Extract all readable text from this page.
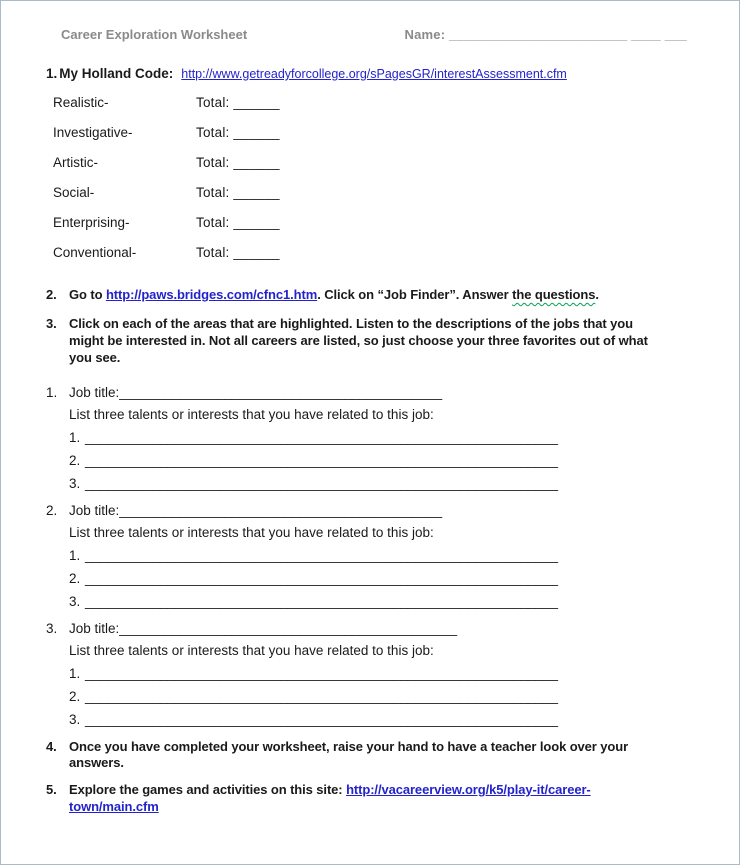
Career Exploration Worksheet	Name: ________________________ ____ ___
1. My Holland Code: http://www.getreadyforcollege.org/sPagesGR/interestAssessment.cfm
Realistic-	Total: ______
Investigative-	Total: ______
Artistic-	Total: ______
Social-	Total: ______
Enterprising-	Total: ______
Conventional-	Total: ______
2. Go to http://paws.bridges.com/cfnc1.htm. Click on “Job Finder”. Answer the questions.
3. Click on each of the areas that are highlighted. Listen to the descriptions of the jobs that you might be interested in. Not all careers are listed, so just choose your three favorites out of what you see.
1. Job title: ___________________________________________
List three talents or interests that you have related to this job:
1. _______________________________________________________________
2. _______________________________________________________________
3. _______________________________________________________________
2. Job title: ___________________________________________
List three talents or interests that you have related to this job:
1. _______________________________________________________________
2. _______________________________________________________________
3. _______________________________________________________________
3. Job title: _____________________________________________
List three talents or interests that you have related to this job:
1. _______________________________________________________________
2. _______________________________________________________________
3. _______________________________________________________________
4. Once you have completed your worksheet, raise your hand to have a teacher look over your answers.
5. Explore the games and activities on this site: http://vacareerview.org/k5/play-it/career-town/main.cfm
